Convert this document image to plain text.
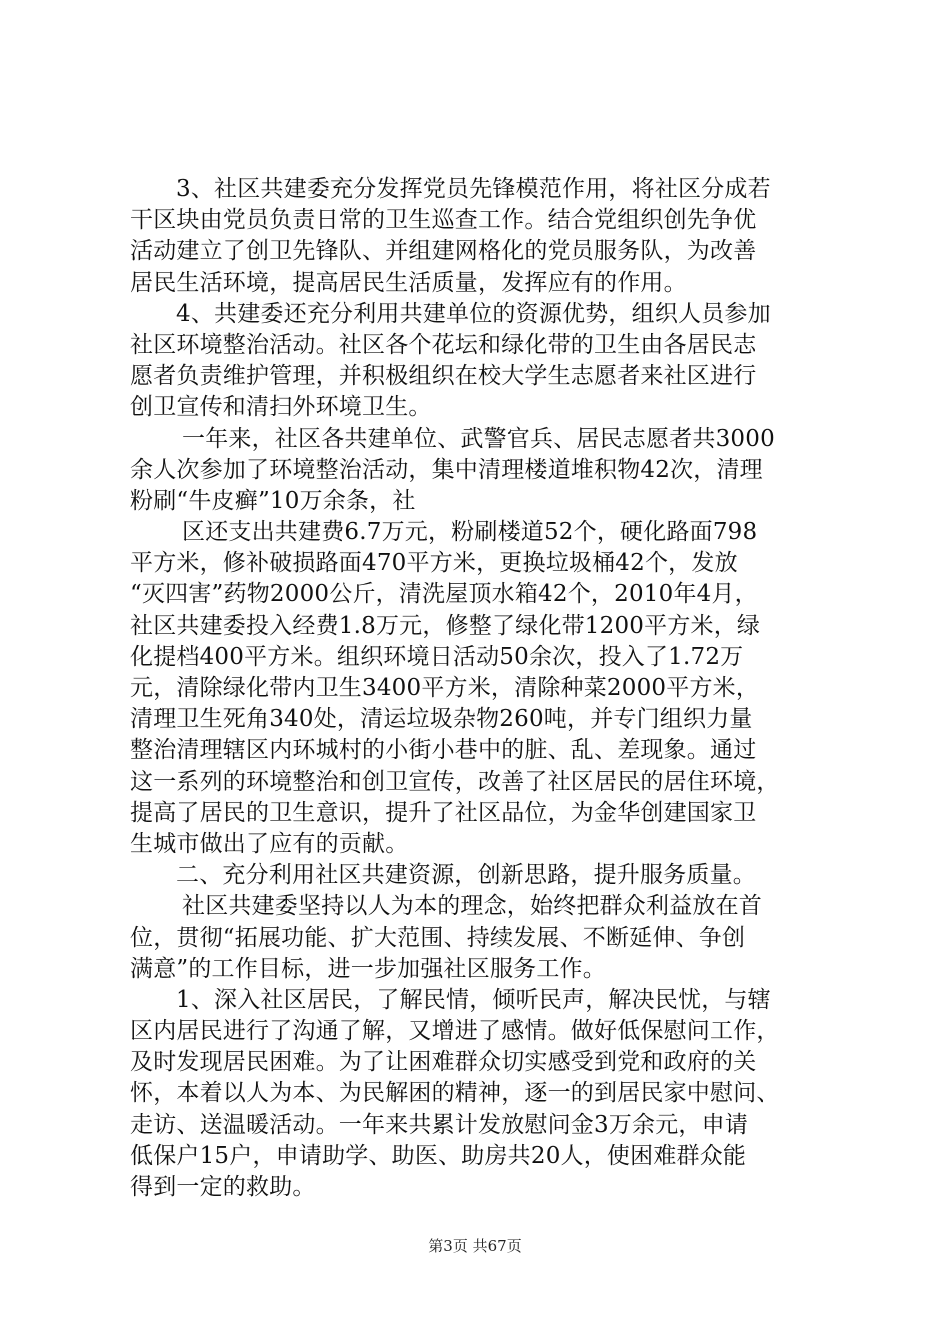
3、社区共建委充分发挥党员先锋模范作用，将社区分成若
干区块由党员负责日常的卫生巡查工作。结合党组织创先争优
活动建立了创卫先锋队、并组建网格化的党员服务队，为改善
居民生活环境，提高居民生活质量，发挥应有的作用。
4、共建委还充分利用共建单位的资源优势，组织人员参加
社区环境整治活动。社区各个花坛和绿化带的卫生由各居民志
愿者负责维护管理，并积极组织在校大学生志愿者来社区进行
创卫宣传和清扫外环境卫生。
一年来，社区各共建单位、武警官兵、居民志愿者共3000
余人次参加了环境整治活动，集中清理楼道堆积物42次，清理
粉刷“牛皮癣”10万余条，社
区还支出共建费6.7万元，粉刷楼道52个，硬化路面798
平方米，修补破损路面470平方米，更换垃圾桶42个，发放
“灭四害”药物2000公斤，清洗屋顶水箱42个，2010年4月，
社区共建委投入经费1.8万元，修整了绿化带1200平方米，绿
化提档400平方米。组织环境日活动50余次，投入了1.72万
元，清除绿化带内卫生3400平方米，清除种菜2000平方米，
清理卫生死角340处，清运垃圾杂物260吨，并专门组织力量
整治清理辖区内环城村的小街小巷中的脏、乱、差现象。通过
这一系列的环境整治和创卫宣传，改善了社区居民的居住环境，
提高了居民的卫生意识，提升了社区品位，为金华创建国家卫
生城市做出了应有的贡献。
二、充分利用社区共建资源，创新思路，提升服务质量。
社区共建委坚持以人为本的理念，始终把群众利益放在首
位，贯彻“拓展功能、扩大范围、持续发展、不断延伸、争创
满意”的工作目标，进一步加强社区服务工作。
1、深入社区居民，了解民情，倾听民声，解决民忧，与辖
区内居民进行了沟通了解，又增进了感情。做好低保慰问工作，
及时发现居民困难。为了让困难群众切实感受到党和政府的关
怀，本着以人为本、为民解困的精神，逐一的到居民家中慰问、
走访、送温暖活动。一年来共累计发放慰问金3万余元，申请
低保户15户，申请助学、助医、助房共20人，使困难群众能
得到一定的救助。
第3页 共67页
